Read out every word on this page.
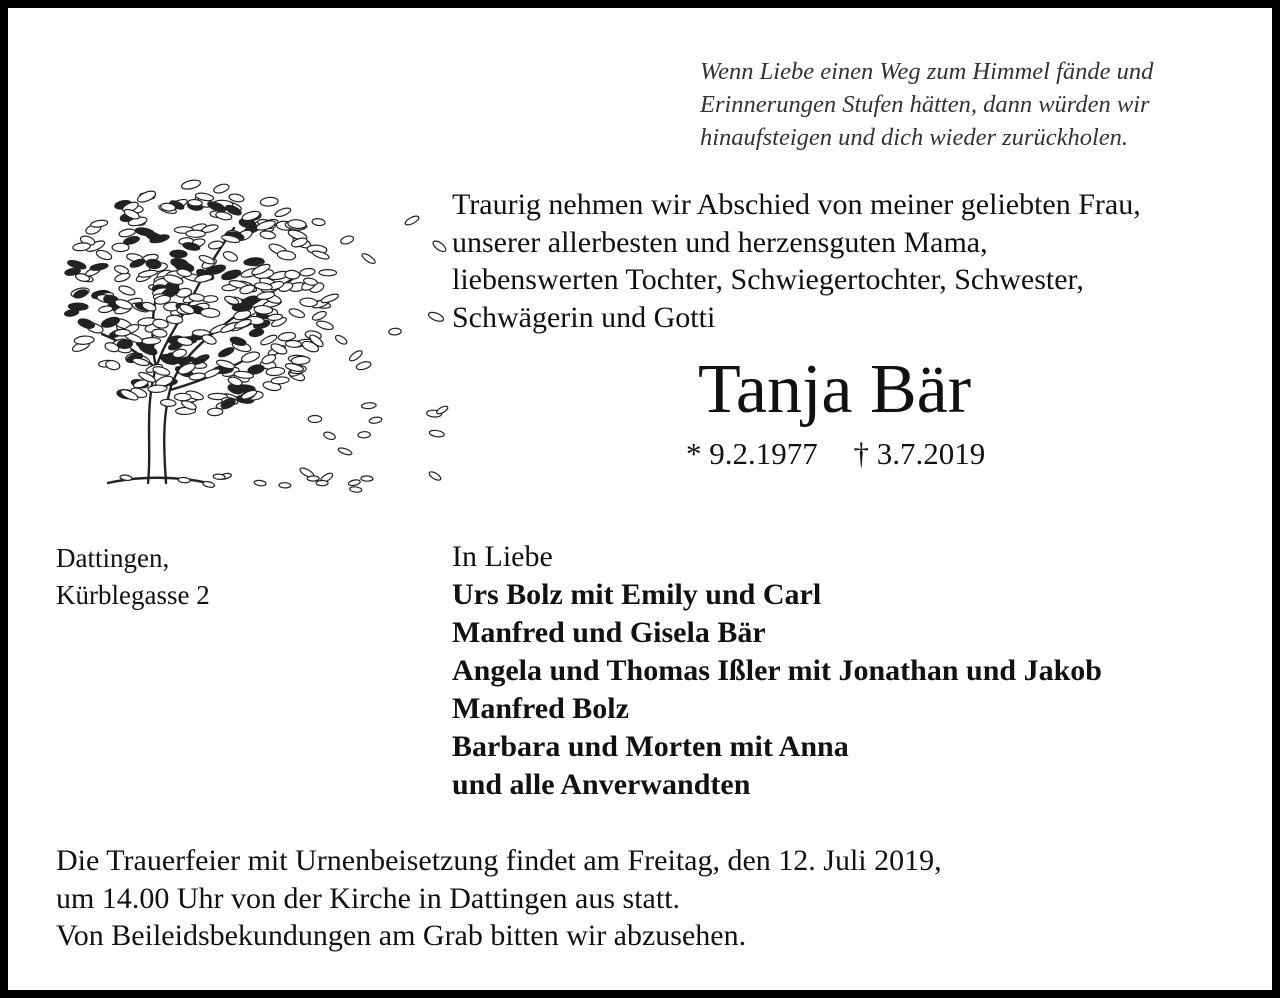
Wenn Liebe einen Weg zum Himmel fände und
Erinnerungen Stufen hätten, dann würden wir
hinaufsteigen und dich wieder zurückholen.
Traurig nehmen wir Abschied von meiner geliebten Frau,
unserer allerbesten und herzensguten Mama,
liebenswerten Tochter, Schwiegertochter, Schwester,
Schwägerin und Gotti
Tanja Bär
* 9.2.1977 † 3.7.2019
Dattingen,
Kürblegasse 2
In Liebe
Urs Bolz mit Emily und Carl
Manfred und Gisela Bär
Angela und Thomas Ißler mit Jonathan und Jakob
Manfred Bolz
Barbara und Morten mit Anna
und alle Anverwandten
Die Trauerfeier mit Urnenbeisetzung findet am Freitag, den 12. Juli 2019,
um 14.00 Uhr von der Kirche in Dattingen aus statt.
Von Beileidsbekundungen am Grab bitten wir abzusehen.
